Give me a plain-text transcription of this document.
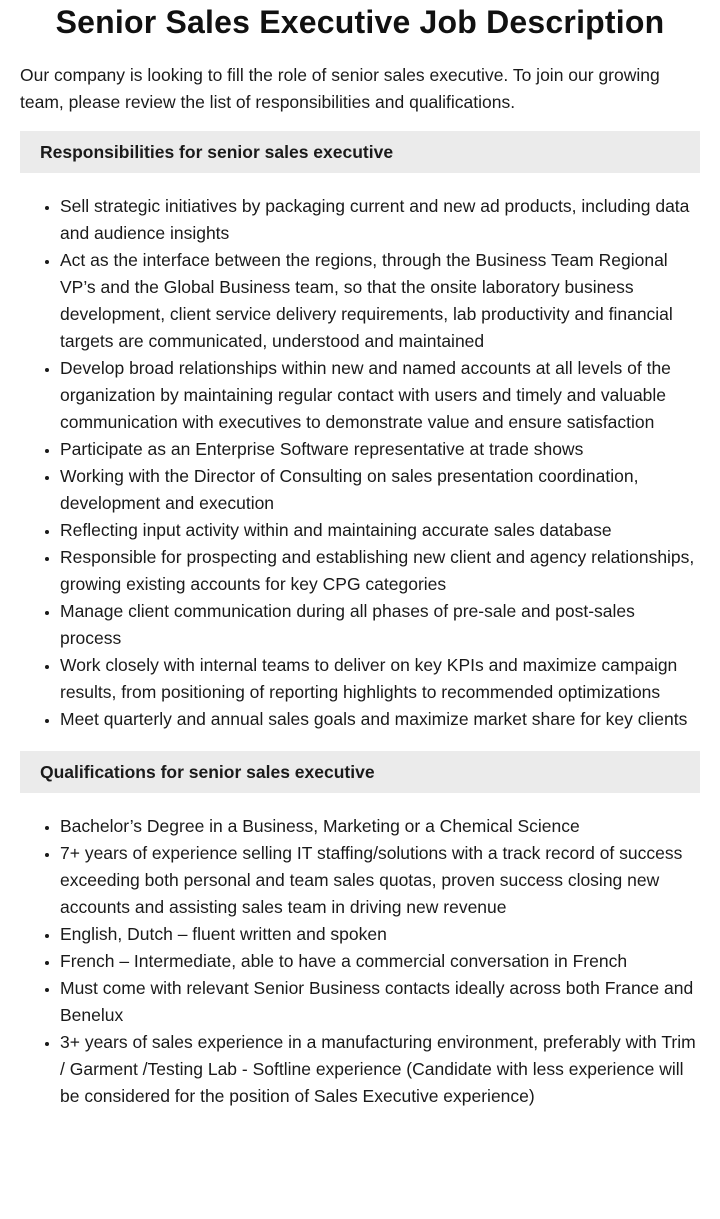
Senior Sales Executive Job Description

Our company is looking to fill the role of senior sales executive. To join our growing team, please review the list of responsibilities and qualifications.

Responsibilities for senior sales executive
• Sell strategic initiatives by packaging current and new ad products, including data and audience insights
• Act as the interface between the regions, through the Business Team Regional VP’s and the Global Business team, so that the onsite laboratory business development, client service delivery requirements, lab productivity and financial targets are communicated, understood and maintained
• Develop broad relationships within new and named accounts at all levels of the organization by maintaining regular contact with users and timely and valuable communication with executives to demonstrate value and ensure satisfaction
• Participate as an Enterprise Software representative at trade shows
• Working with the Director of Consulting on sales presentation coordination, development and execution
• Reflecting input activity within and maintaining accurate sales database
• Responsible for prospecting and establishing new client and agency relationships, growing existing accounts for key CPG categories
• Manage client communication during all phases of pre-sale and post-sales process
• Work closely with internal teams to deliver on key KPIs and maximize campaign results, from positioning of reporting highlights to recommended optimizations
• Meet quarterly and annual sales goals and maximize market share for key clients
Qualifications for senior sales executive
• Bachelor’s Degree in a Business, Marketing or a Chemical Science
• 7+ years of experience selling IT staffing/solutions with a track record of success exceeding both personal and team sales quotas, proven success closing new accounts and assisting sales team in driving new revenue
• English, Dutch – fluent written and spoken
• French – Intermediate, able to have a commercial conversation in French
• Must come with relevant Senior Business contacts ideally across both France and Benelux
• 3+ years of sales experience in a manufacturing environment, preferably with Trim / Garment /Testing Lab - Softline experience (Candidate with less experience will be considered for the position of Sales Executive experience)
